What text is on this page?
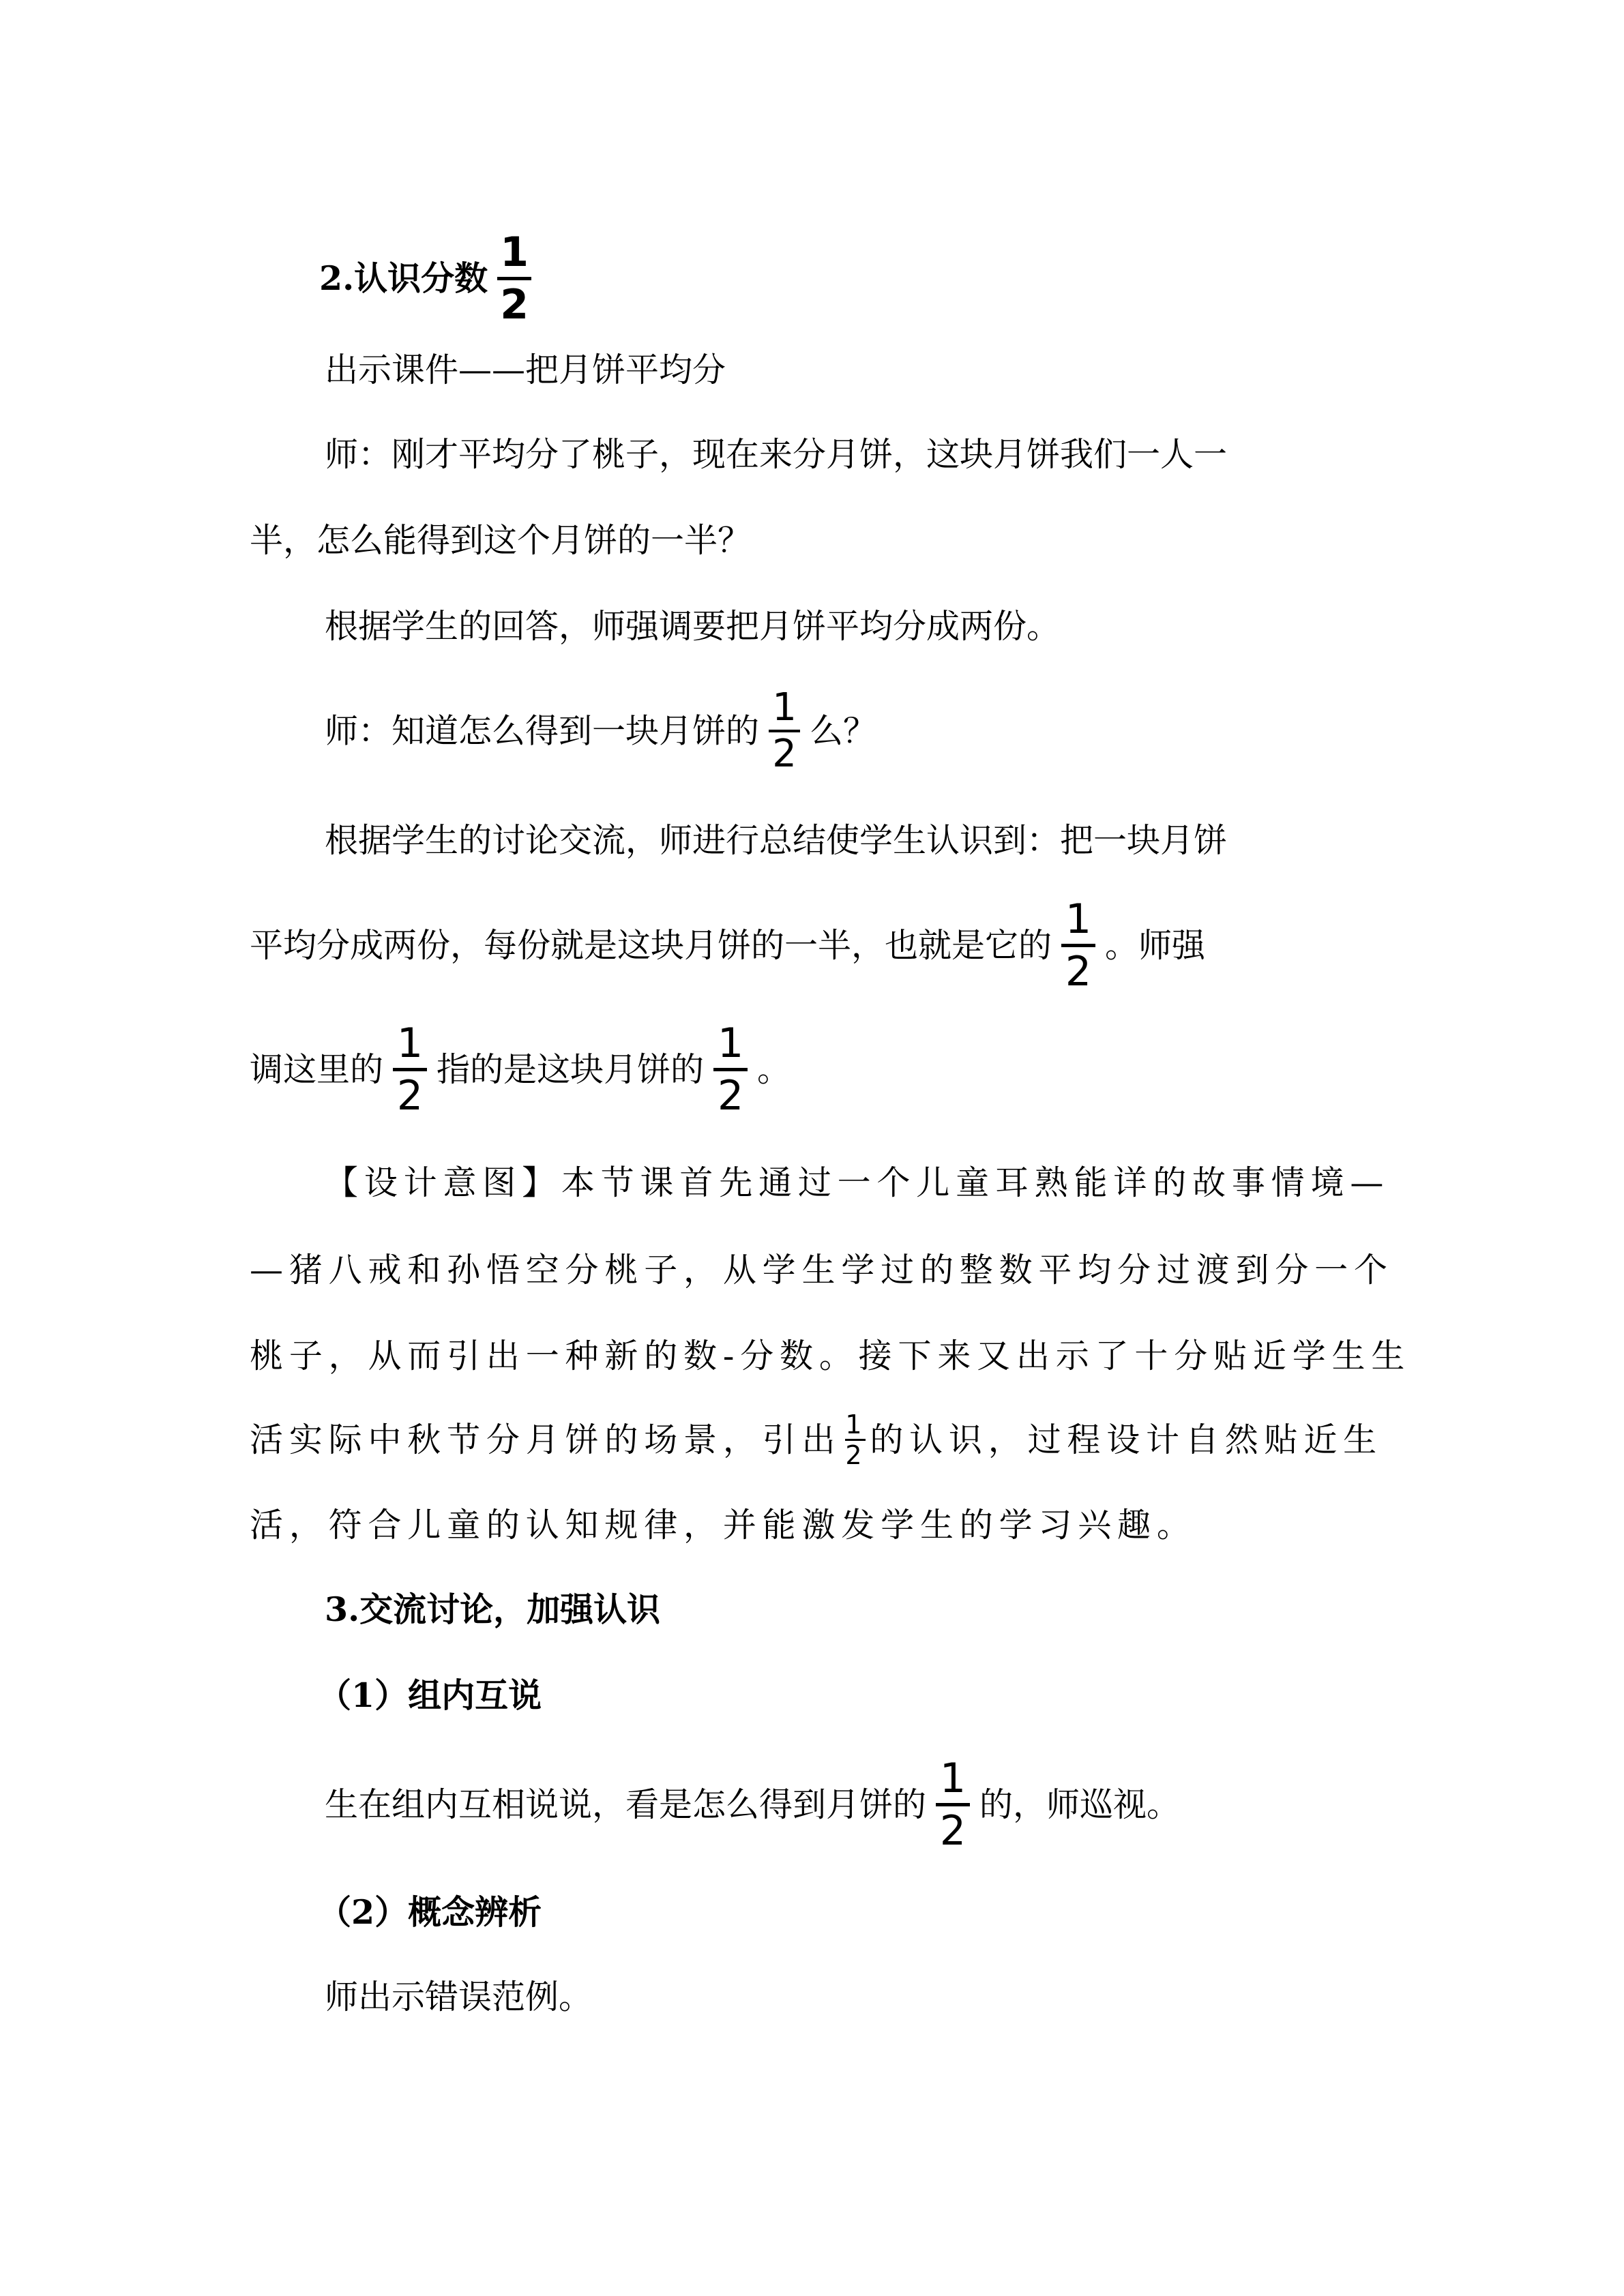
2.认识分数
1
2
出示课件——把月饼平均分
师：刚才平均分了桃子，现在来分月饼，这块月饼我们一人一
半，怎么能得到这个月饼的一半？
根据学生的回答，师强调要把月饼平均分成两份。
师：知道怎么得到一块月饼的 $\frac{1}{2}$ 么？
根据学生的讨论交流，师进行总结使学生认识到：把一块月饼
平均分成两份，每份就是这块月饼的一半，也就是它的
1
2
。师强
调这里的
1
2
指的是这块月饼的
1
2
。
【设计意图】本节课首先通过一个儿童耳熟能详的故事情境—
—猪八戒和孙悟空分桃子，从学生学过的整数平均分过渡到分一个
桃子，从而引出一种新的数-分数。接下来又出示了十分贴近学生生
活实际中秋节分月饼的场景，引出 $\frac{1}{2}$ 的认识，过程设计自然贴近生
活，符合儿童的认知规律，并能激发学生的学习兴趣。
3.交流讨论，加强认识
（1）组内互说
生在组内互相说说，看是怎么得到月饼的
1
2
的，师巡视。
（2）概念辨析
师出示错误范例。
